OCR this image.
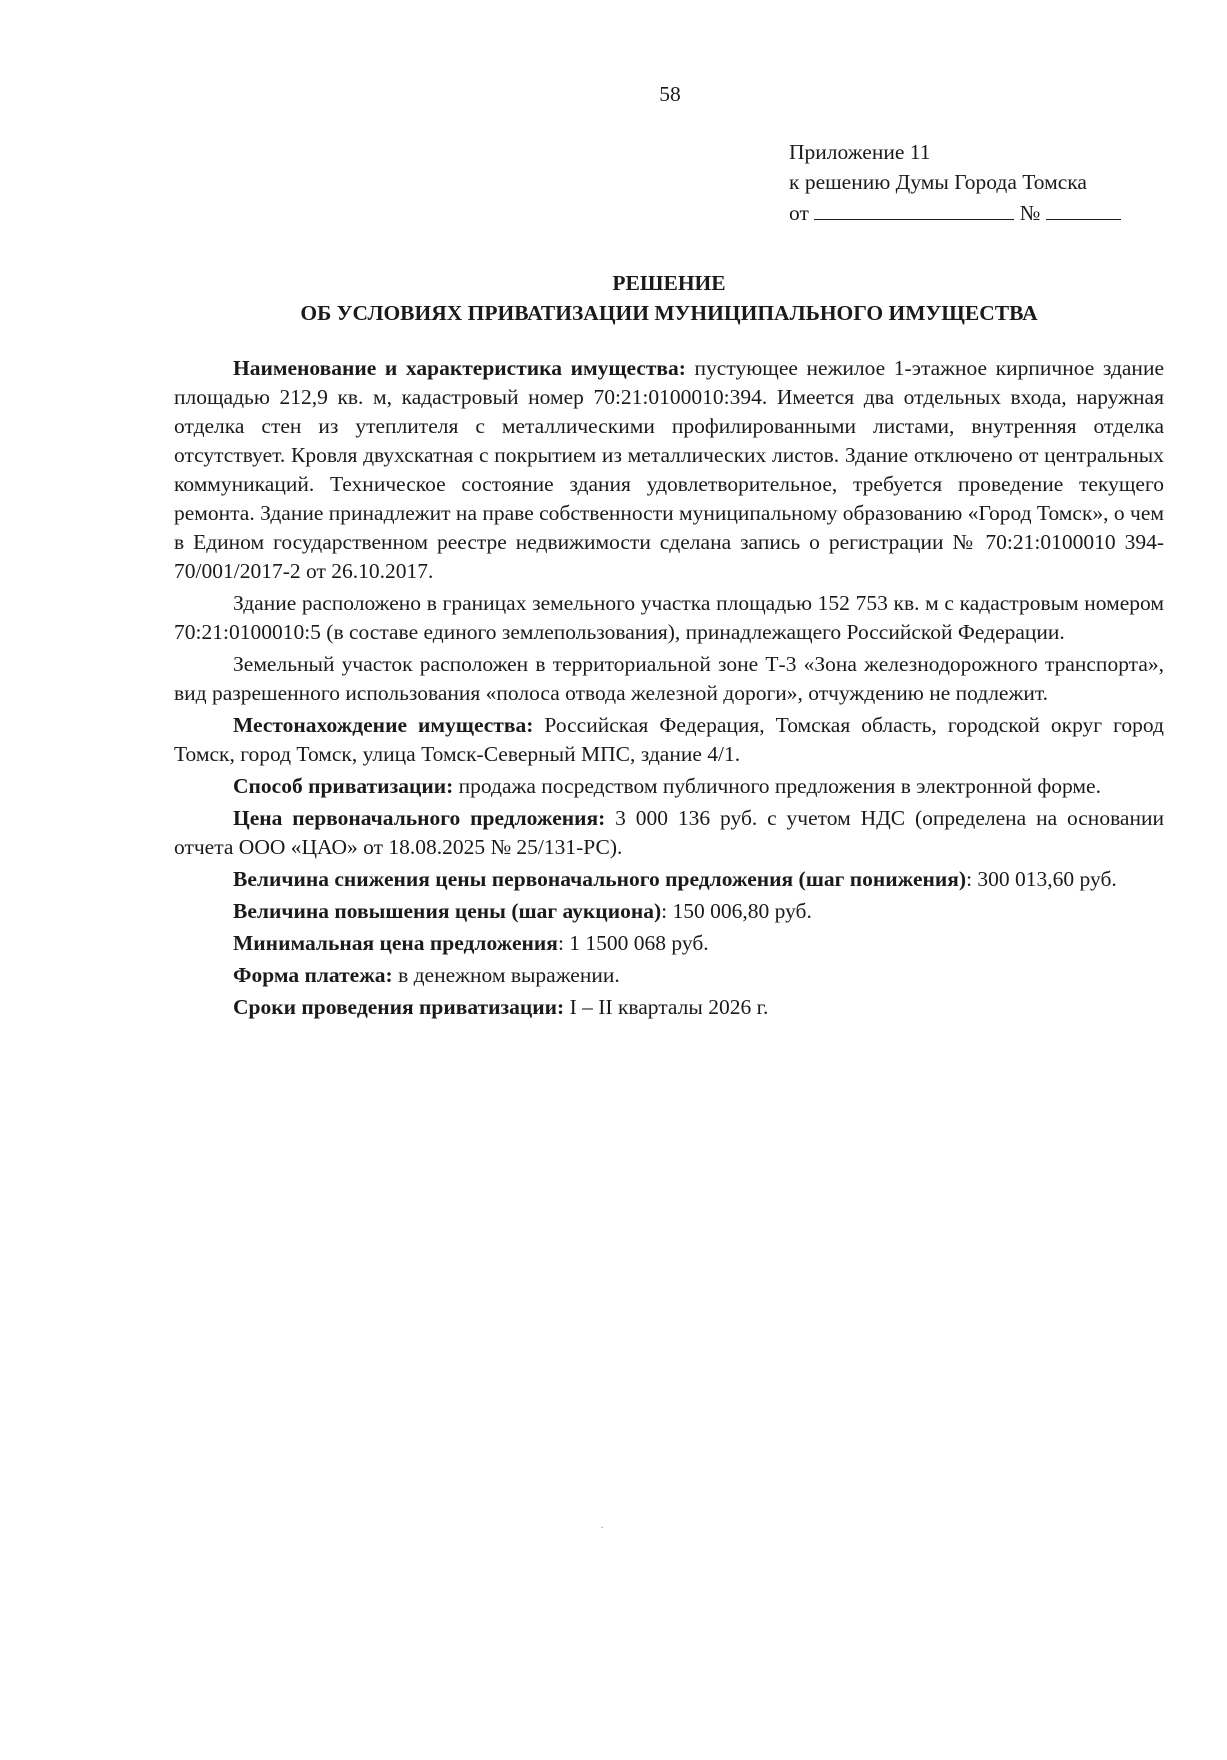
58
Приложение 11
к решению Думы Города Томска
от	№
РЕШЕНИЕ
ОБ УСЛОВИЯХ ПРИВАТИЗАЦИИ МУНИЦИПАЛЬНОГО ИМУЩЕСТВА

Наименование и характеристика имущества: пустующее нежилое 1-этажное кирпичное здание площадью 212,9 кв. м, кадастровый номер 70:21:0100010:394. Имеется два отдельных входа, наружная отделка стен из утеплителя с металлическими профилированными листами, внутренняя отделка отсутствует. Кровля двухскатная с покрытием из металлических листов. Здание отключено от центральных коммуникаций. Техническое состояние здания удовлетворительное, требуется проведение текущего ремонта. Здание принадлежит на праве собственности муниципальному образованию «Город Томск», о чем в Едином государственном реестре недвижимости сделана запись о регистрации № 70:21:0100010 394-70/001/2017-2 от 26.10.2017.

Здание расположено в границах земельного участка площадью 152 753 кв. м с кадастровым номером 70:21:0100010:5 (в составе единого землепользования), принадлежащего Российской Федерации.

Земельный участок расположен в территориальной зоне Т-3 «Зона железнодорожного транспорта», вид разрешенного использования «полоса отвода железной дороги», отчуждению не подлежит.

Местонахождение имущества: Российская Федерация, Томская область, городской округ город Томск, город Томск, улица Томск-Северный МПС, здание 4/1.

Способ приватизации: продажа посредством публичного предложения в электронной форме.

Цена первоначального предложения: 3 000 136 руб. с учетом НДС (определена на основании отчета ООО «ЦАО» от 18.08.2025 № 25/131-РС).

Величина снижения цены первоначального предложения (шаг понижения): 300 013,60 руб.

Величина повышения цены (шаг аукциона): 150 006,80 руб.

Минимальная цена предложения: 1 1500 068 руб.

Форма платежа: в денежном выражении.

Сроки проведения приватизации: I – II кварталы 2026 г.

·
